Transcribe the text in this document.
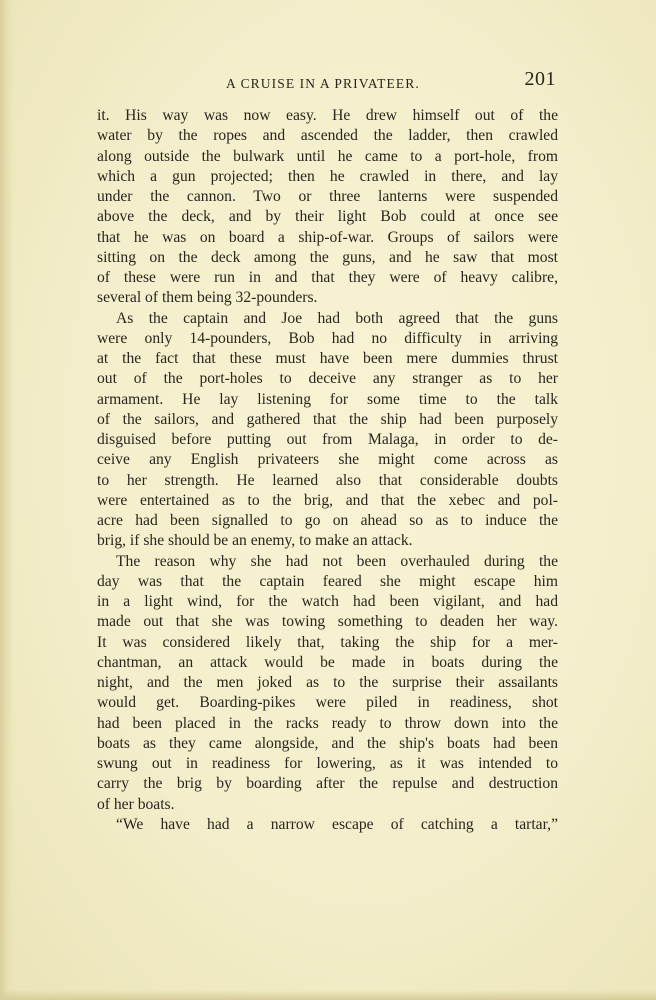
A CRUISE IN A PRIVATEER.	201
it. His way was now easy. He drew himself out of the
water by the ropes and ascended the ladder, then crawled
along outside the bulwark until he came to a port-hole, from
which a gun projected; then he crawled in there, and lay
under the cannon. Two or three lanterns were suspended
above the deck, and by their light Bob could at once see
that he was on board a ship-of-war. Groups of sailors were
sitting on the deck among the guns, and he saw that most
of these were run in and that they were of heavy calibre,
several of them being 32-pounders.
As the captain and Joe had both agreed that the guns
were only 14-pounders, Bob had no difficulty in arriving
at the fact that these must have been mere dummies thrust
out of the port-holes to deceive any stranger as to her
armament. He lay listening for some time to the talk
of the sailors, and gathered that the ship had been purposely
disguised before putting out from Malaga, in order to de-
ceive any English privateers she might come across as
to her strength. He learned also that considerable doubts
were entertained as to the brig, and that the xebec and pol-
acre had been signalled to go on ahead so as to induce the
brig, if she should be an enemy, to make an attack.
The reason why she had not been overhauled during the
day was that the captain feared she might escape him
in a light wind, for the watch had been vigilant, and had
made out that she was towing something to deaden her way.
It was considered likely that, taking the ship for a mer-
chantman, an attack would be made in boats during the
night, and the men joked as to the surprise their assailants
would get. Boarding-pikes were piled in readiness, shot
had been placed in the racks ready to throw down into the
boats as they came alongside, and the ship's boats had been
swung out in readiness for lowering, as it was intended to
carry the brig by boarding after the repulse and destruction
of her boats.
“We have had a narrow escape of catching a tartar,”
